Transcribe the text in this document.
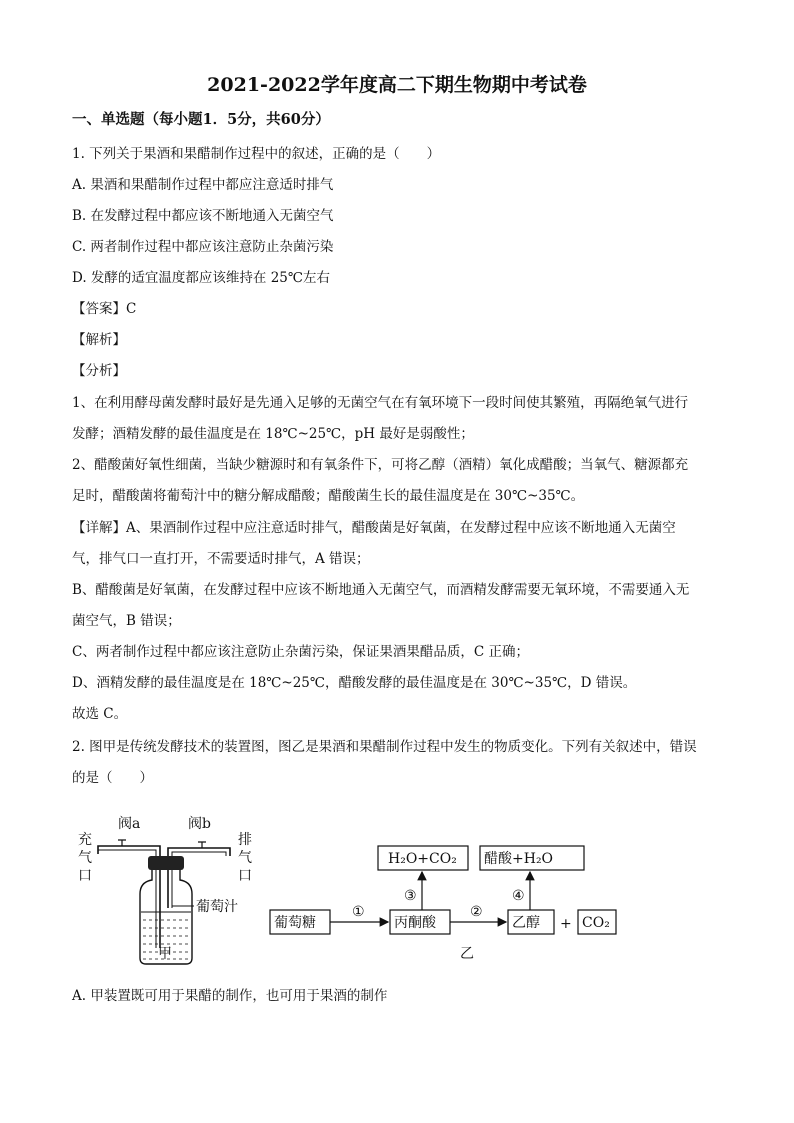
2021-2022学年度高二下期生物期中考试卷
一、单选题（每小题1．5分，共60分）
1. 下列关于果酒和果醋制作过程中的叙述，正确的是（　　）
A. 果酒和果醋制作过程中都应注意适时排气
B. 在发酵过程中都应该不断地通入无菌空气
C. 两者制作过程中都应该注意防止杂菌污染
D. 发酵的适宜温度都应该维持在 25℃左右
【答案】C
【解析】
【分析】
1、在利用酵母菌发酵时最好是先通入足够的无菌空气在有氧环境下一段时间使其繁殖，再隔绝氧气进行
发酵；酒精发酵的最佳温度是在 18℃~25℃，pH 最好是弱酸性；
2、醋酸菌好氧性细菌，当缺少糖源时和有氧条件下，可将乙醇（酒精）氧化成醋酸；当氧气、糖源都充
足时，醋酸菌将葡萄汁中的糖分解成醋酸；醋酸菌生长的最佳温度是在 30℃~35℃。
【详解】A、果酒制作过程中应注意适时排气，醋酸菌是好氧菌，在发酵过程中应该不断地通入无菌空
气，排气口一直打开，不需要适时排气，A 错误；
B、醋酸菌是好氧菌，在发酵过程中应该不断地通入无菌空气，而酒精发酵需要无氧环境，不需要通入无
菌空气，B 错误；
C、两者制作过程中都应该注意防止杂菌污染，保证果酒果醋品质，C 正确；
D、酒精发酵的最佳温度是在 18℃~25℃，醋酸发酵的最佳温度是在 30℃~35℃，D 错误。
故选 C。
2. 图甲是传统发酵技术的装置图，图乙是果酒和果醋制作过程中发生的物质变化。下列有关叙述中，错误
的是（　　）
阀a	阀b
充
气
口
排
气
口
葡萄汁
甲
H₂O+CO₂ 醋酸+H₂O
葡萄糖	丙酮酸	乙醇 + CO₂
①	②
③	④
乙
A. 甲装置既可用于果醋的制作，也可用于果酒的制作
